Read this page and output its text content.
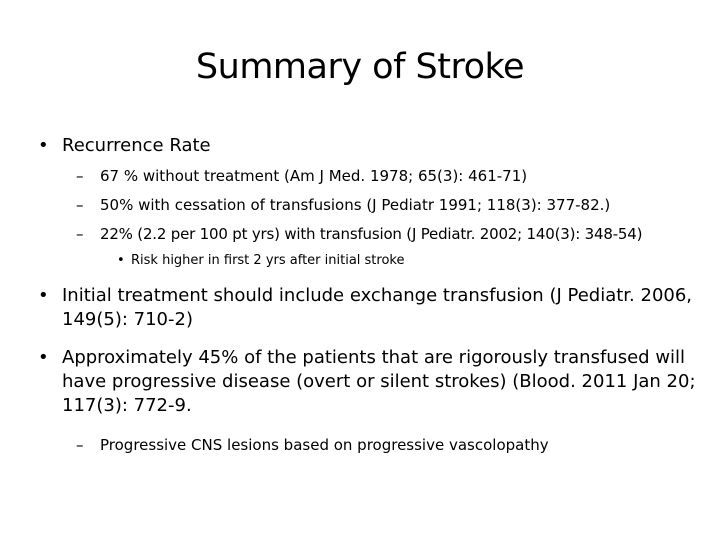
Summary of Stroke
• Recurrence Rate
–	67 % without treatment (Am J Med. 1978; 65(3): 461-71)
–	50% with cessation of transfusions (J Pediatr 1991; 118(3): 377-82.)
–	22% (2.2 per 100 pt yrs) with transfusion (J Pediatr. 2002; 140(3): 348-54)
• Risk higher in first 2 yrs after initial stroke
• Initial treatment should include exchange transfusion (J Pediatr. 2006, 149(5): 710-2)
• Approximately 45% of the patients that are rigorously transfused will have progressive disease (overt or silent strokes) (Blood. 2011 Jan 20; 117(3): 772-9.
–	Progressive CNS lesions based on progressive vascolopathy
